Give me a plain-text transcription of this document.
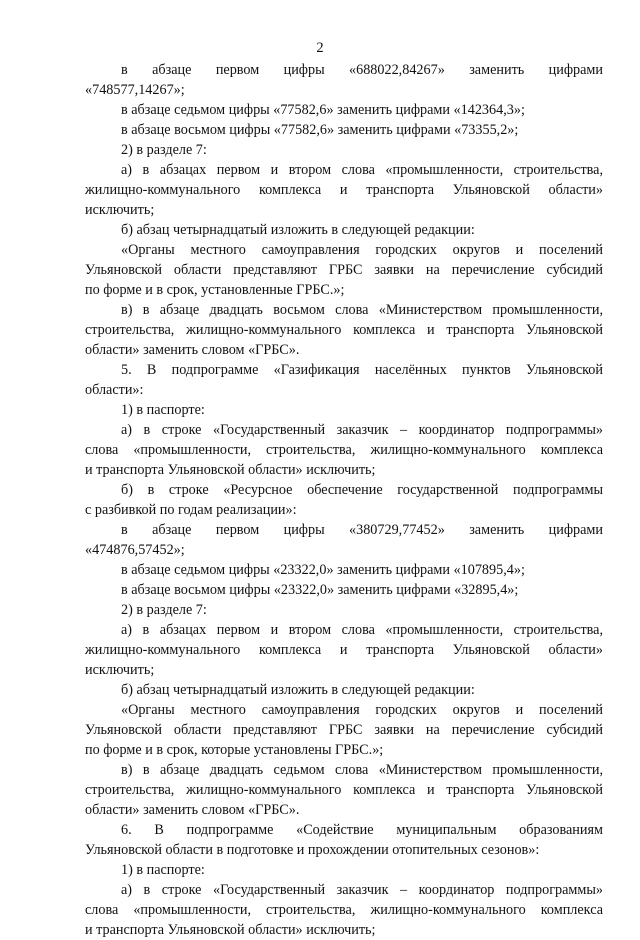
2
в абзаце первом цифры «688022,84267» заменить цифрами
«748577,14267»;
в абзаце седьмом цифры «77582,6» заменить цифрами «142364,3»;
в абзаце восьмом цифры «77582,6» заменить цифрами «73355,2»;
2) в разделе 7:
а) в абзацах первом и втором слова «промышленности, строительства,
жилищно-коммунального комплекса и транспорта Ульяновской области»
исключить;
б) абзац четырнадцатый изложить в следующей редакции:
«Органы местного самоуправления городских округов и поселений
Ульяновской области представляют ГРБС заявки на перечисление субсидий
по форме и в срок, установленные ГРБС.»;
в) в абзаце двадцать восьмом слова «Министерством промышленности,
строительства, жилищно-коммунального комплекса и транспорта Ульяновской
области» заменить словом «ГРБС».
5. В подпрограмме «Газификация населённых пунктов Ульяновской
области»:
1) в паспорте:
а) в строке «Государственный заказчик – координатор подпрограммы»
слова «промышленности, строительства, жилищно-коммунального комплекса
и транспорта Ульяновской области» исключить;
б) в строке «Ресурсное обеспечение государственной подпрограммы
с разбивкой по годам реализации»:
в абзаце первом цифры «380729,77452» заменить цифрами
«474876,57452»;
в абзаце седьмом цифры «23322,0» заменить цифрами «107895,4»;
в абзаце восьмом цифры «23322,0» заменить цифрами «32895,4»;
2) в разделе 7:
а) в абзацах первом и втором слова «промышленности, строительства,
жилищно-коммунального комплекса и транспорта Ульяновской области»
исключить;
б) абзац четырнадцатый изложить в следующей редакции:
«Органы местного самоуправления городских округов и поселений
Ульяновской области представляют ГРБС заявки на перечисление субсидий
по форме и в срок, которые установлены ГРБС.»;
в) в абзаце двадцать седьмом слова «Министерством промышленности,
строительства, жилищно-коммунального комплекса и транспорта Ульяновской
области» заменить словом «ГРБС».
6. В подпрограмме «Содействие муниципальным образованиям
Ульяновской области в подготовке и прохождении отопительных сезонов»:
1) в паспорте:
а) в строке «Государственный заказчик – координатор подпрограммы»
слова «промышленности, строительства, жилищно-коммунального комплекса
и транспорта Ульяновской области» исключить;
